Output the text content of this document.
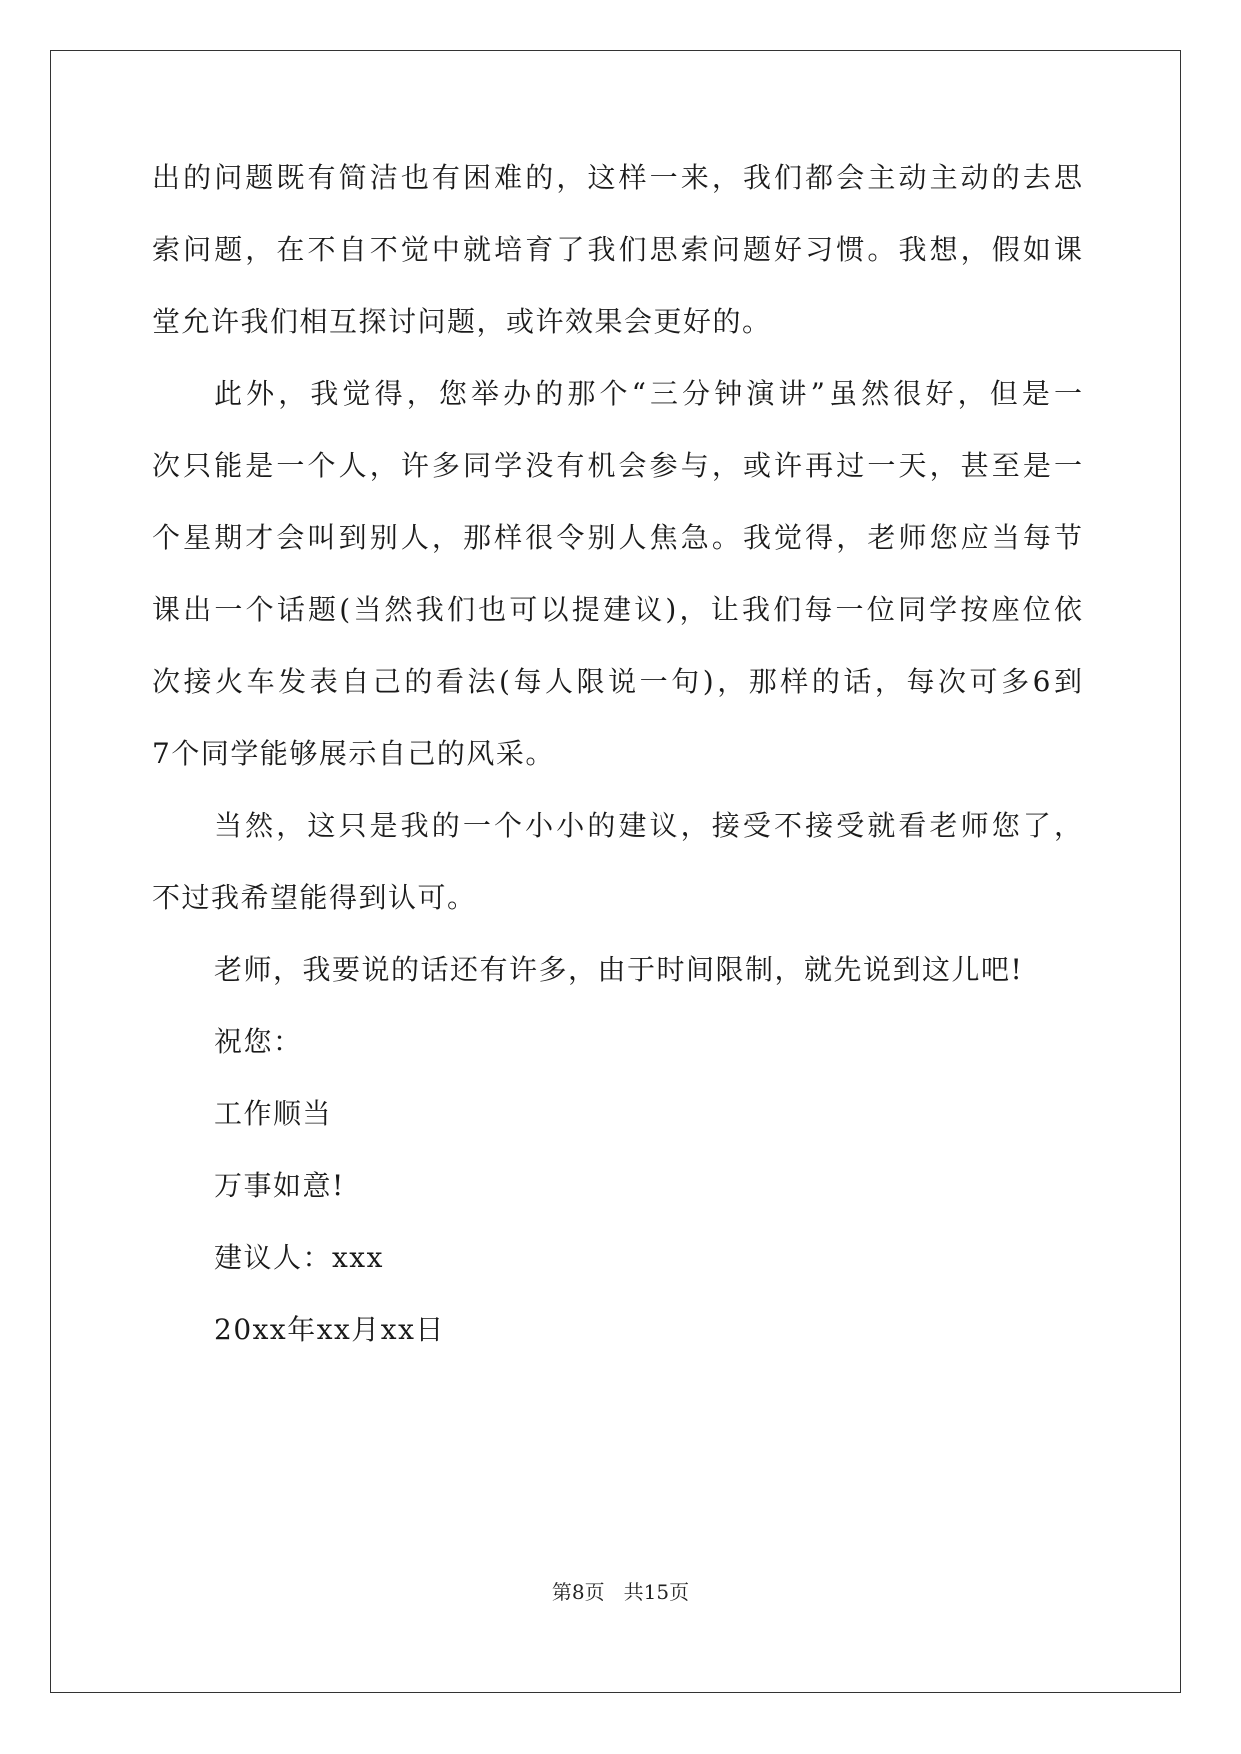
出的问题既有简洁也有困难的，这样一来，我们都会主动主动的去思
索问题，在不自不觉中就培育了我们思索问题好习惯。我想，假如课
堂允许我们相互探讨问题，或许效果会更好的。
此外，我觉得，您举办的那个“三分钟演讲”虽然很好，但是一
次只能是一个人，许多同学没有机会参与，或许再过一天，甚至是一
个星期才会叫到别人，那样很令别人焦急。我觉得，老师您应当每节
课出一个话题(当然我们也可以提建议)，让我们每一位同学按座位依
次接火车发表自己的看法(每人限说一句)，那样的话，每次可多6到
7个同学能够展示自己的风采。
当然，这只是我的一个小小的建议，接受不接受就看老师您了，
不过我希望能得到认可。
老师，我要说的话还有许多，由于时间限制，就先说到这儿吧!
祝您：
工作顺当
万事如意!
建议人：xxx
20xx年xx月xx日
第8页   共15页
